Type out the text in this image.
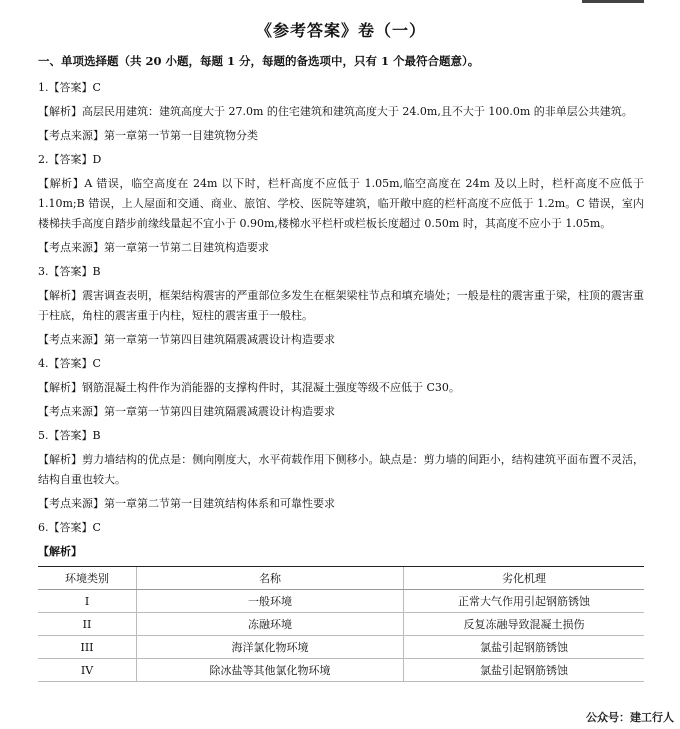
《参考答案》卷（一）
一、单项选择题（共 20 小题，每题 1 分，每题的备选项中，只有 1 个最符合题意）。
1.【答案】C
【解析】高层民用建筑：建筑高度大于 27.0m 的住宅建筑和建筑高度大于 24.0m,且不大于 100.0m 的非单层公共建筑。
【考点来源】第一章第一节第一目建筑物分类
2.【答案】D
【解析】A 错误，临空高度在 24m 以下时，栏杆高度不应低于 1.05m,临空高度在 24m 及以上时，栏杆高度不应低于 1.10m;B 错误，上人屋面和交通、商业、旅馆、学校、医院等建筑，临开敞中庭的栏杆高度不应低于 1.2m。C 错误，室内楼梯扶手高度自踏步前缘线量起不宜小于 0.90m,楼梯水平栏杆或栏板长度超过 0.50m 时，其高度不应小于 1.05m。
【考点来源】第一章第一节第二目建筑构造要求
3.【答案】B
【解析】震害调查表明，框架结构震害的严重部位多发生在框架梁柱节点和填充墙处；一般是柱的震害重于梁，柱顶的震害重于柱底，角柱的震害重于内柱，短柱的震害重于一般柱。
【考点来源】第一章第一节第四目建筑隔震减震设计构造要求
4.【答案】C
【解析】钢筋混凝土构件作为消能器的支撑构件时，其混凝土强度等级不应低于 C30。
【考点来源】第一章第一节第四目建筑隔震减震设计构造要求
5.【答案】B
【解析】剪力墙结构的优点是：侧向刚度大，水平荷载作用下侧移小。缺点是：剪力墙的间距小，结构建筑平面布置不灵活，结构自重也较大。
【考点来源】第一章第二节第一目建筑结构体系和可靠性要求
6.【答案】C
【解析】
环境类别	名称	劣化机理
I	一般环境	正常大气作用引起钢筋锈蚀
II	冻融环境	反复冻融导致混凝土损伤
III	海洋氯化物环境	氯盐引起钢筋锈蚀
IV	除冰盐等其他氯化物环境	氯盐引起钢筋锈蚀
公众号：建工行人
